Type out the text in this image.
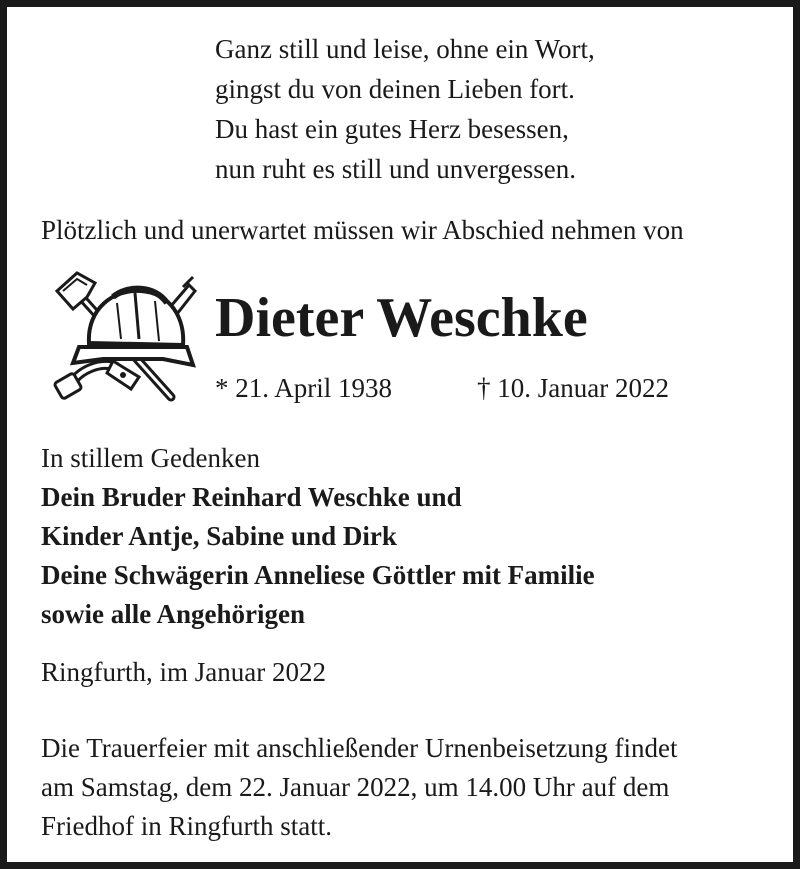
Ganz still und leise, ohne ein Wort,
gingst du von deinen Lieben fort.
Du hast ein gutes Herz besessen,
nun ruht es still und unvergessen.
Plötzlich und unerwartet müssen wir Abschied nehmen von
Dieter Weschke
* 21. April 1938	† 10. Januar 2022
In stillem Gedenken
Dein Bruder Reinhard Weschke und
Kinder Antje, Sabine und Dirk
Deine Schwägerin Anneliese Göttler mit Familie
sowie alle Angehörigen
Ringfurth, im Januar 2022
Die Trauerfeier mit anschließender Urnenbeisetzung findet
am Samstag, dem 22. Januar 2022, um 14.00 Uhr auf dem
Friedhof in Ringfurth statt.
